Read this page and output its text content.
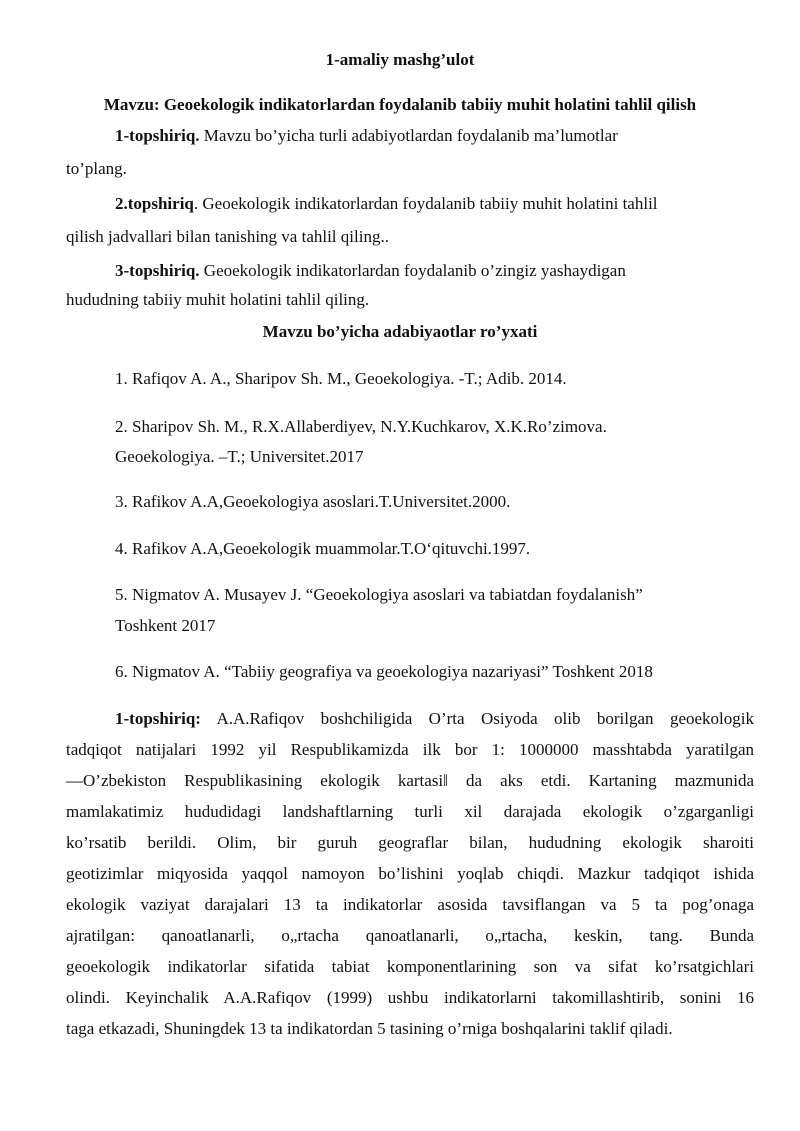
1-amaliy mashg’ulot
Mavzu: Geoekologik indikatorlardan foydalanib tabiiy muhit holatini tahlil qilish
1-topshiriq. Mavzu bo’yicha turli adabiyotlardan foydalanib ma’lumotlar
to’plang.
2.topshiriq. Geoekologik indikatorlardan foydalanib tabiiy muhit holatini tahlil
qilish jadvallari bilan tanishing va tahlil qiling..
3-topshiriq. Geoekologik indikatorlardan foydalanib o’zingiz yashaydigan
hududning tabiiy muhit holatini tahlil qiling.
Mavzu bo’yicha adabiyaotlar ro’yxati
1. Rafiqov A. A., Sharipov Sh. M., Geoekologiya. -T.; Adib. 2014.
2. Sharipov Sh. M., R.X.Allaberdiyev, N.Y.Kuchkarov, X.K.Ro’zimova.
Geoekologiya. –T.; Universitet.2017
3. Rafikov A.A,Geoekologiya asoslari.T.Universitet.2000.
4. Rafikov A.A,Geoekologik muammolar.T.O‘qituvchi.1997.
5. Nigmatov A. Musayev J. “Geoekologiya asoslari va tabiatdan foydalanish”
Toshkent 2017
6. Nigmatov A. “Tabiiy geografiya va geoekologiya nazariyasi” Toshkent 2018
1-topshiriq: A.A.Rafiqov boshchiligida O’rta Osiyoda olib borilgan geoekologik
tadqiqot natijalari 1992 yil Respublikamizda ilk bor 1: 1000000 masshtabda yaratilgan
―O’zbekiston Respublikasining ekologik kartasi‖ da aks etdi. Kartaning mazmunida
mamlakatimiz hududidagi landshaftlarning turli xil darajada ekologik o’zgarganligi
ko’rsatib berildi. Olim, bir guruh geograflar bilan, hududning ekologik sharoiti
geotizimlar miqyosida yaqqol namoyon bo’lishini yoqlab chiqdi. Mazkur tadqiqot ishida
ekologik vaziyat darajalari 13 ta indikatorlar asosida tavsiflangan va 5 ta pog’onaga
ajratilgan: qanoatlanarli, o„rtacha qanoatlanarli, o„rtacha, keskin, tang. Bunda
geoekologik indikatorlar sifatida tabiat komponentlarining son va sifat ko’rsatgichlari
olindi. Keyinchalik A.A.Rafiqov (1999) ushbu indikatorlarni takomillashtirib, sonini 16
taga etkazadi, Shuningdek 13 ta indikatordan 5 tasining o’rniga boshqalarini taklif qiladi.
